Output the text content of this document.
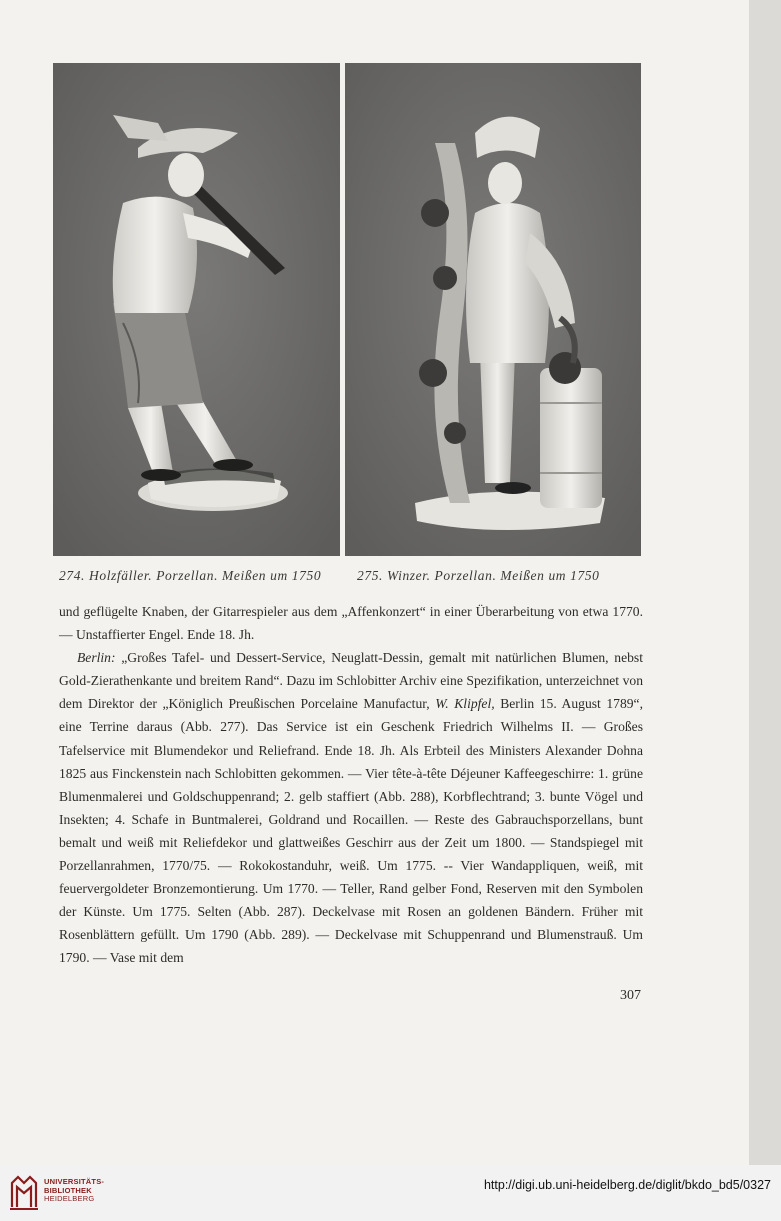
274. Holzfäller. Porzellan. Meißen um 1750	275. Winzer. Porzellan. Meißen um 1750

und geflügelte Knaben, der Gitarrespieler aus dem „Affenkonzert“ in einer Überarbeitung von etwa 1770. — Unstaffierter Engel. Ende 18. Jh.

Berlin: „Großes Tafel- und Dessert-Service, Neuglatt-Dessin, gemalt mit natürlichen Blumen, nebst Gold-Zierathenkante und breitem Rand“. Dazu im Schlobitter Archiv eine Spezifikation, unterzeichnet von dem Direktor der „Königlich Preußischen Porcelaine Manufactur, W. Klipfel, Berlin 15. August 1789“, eine Terrine daraus (Abb. 277). Das Service ist ein Geschenk Friedrich Wilhelms II. — Großes Tafelservice mit Blumendekor und Reliefrand. Ende 18. Jh. Als Erbteil des Ministers Alexander Dohna 1825 aus Finckenstein nach Schlobitten gekommen. — Vier tête-à-tête Déjeuner Kaffeegeschirre: 1. grüne Blumenmalerei und Goldschuppenrand; 2. gelb staffiert (Abb. 288), Korbflechtrand; 3. bunte Vögel und Insekten; 4. Schafe in Buntmalerei, Goldrand und Rocaillen. — Reste des Gabrauchsporzellans, bunt bemalt und weiß mit Reliefdekor und glattweißes Geschirr aus der Zeit um 1800. — Standspiegel mit Porzellanrahmen, 1770/75. — Rokokostanduhr, weiß. Um 1775. -- Vier Wandappliquen, weiß, mit feuervergoldeter Bronzemontierung. Um 1770. — Teller, Rand gelber Fond, Reserven mit den Symbolen der Künste. Um 1775. Selten (Abb. 287). Deckelvase mit Rosen an goldenen Bändern. Früher mit Rosenblättern gefüllt. Um 1790 (Abb. 289). — Deckelvase mit Schuppenrand und Blumenstrauß. Um 1790. — Vase mit dem

307
UNIVERSITÄTS-
BIBLIOTHEK
HEIDELBERG
http://digi.ub.uni-heidelberg.de/diglit/bkdo_bd5/0327
